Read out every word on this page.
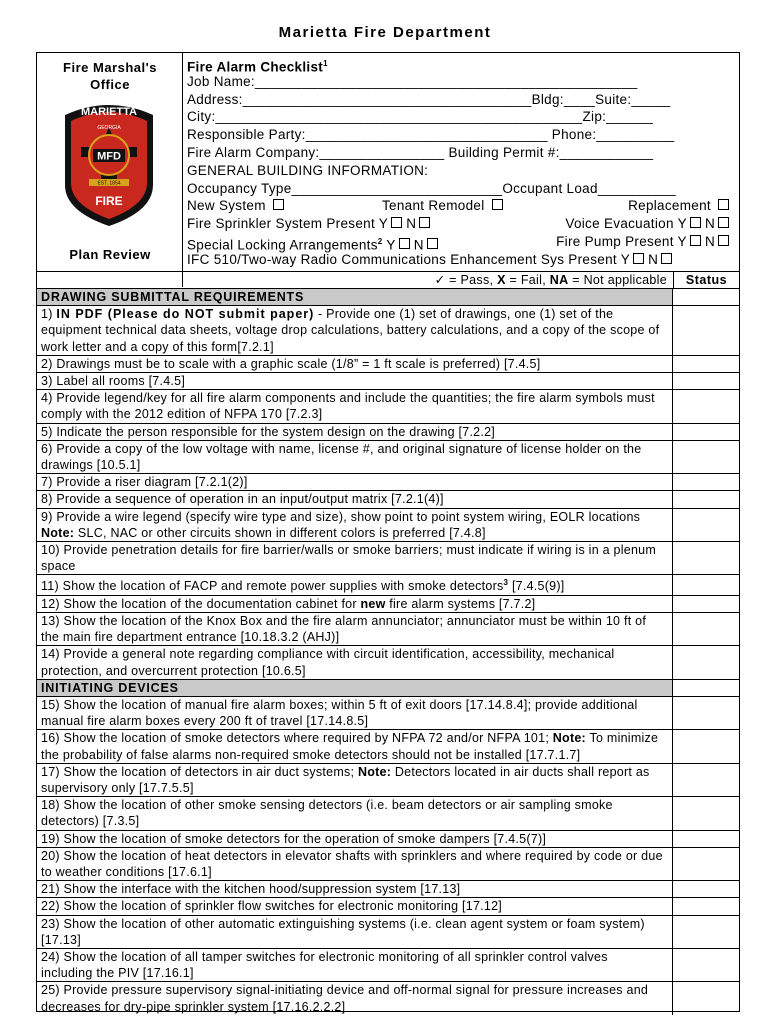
Marietta Fire Department
Fire Marshal's
Office
MFD
MARIETTA
GEORGIA
EST. 1854
FIRE
Plan Review
Fire Alarm Checklist$^1$
Job Name:_________________________________________________
Address:_____________________________________Bldg:____Suite:_____
City:_______________________________________________Zip:______
Responsible Party:_______________________________ Phone:__________
Fire Alarm Company:________________ Building Permit #:____________
GENERAL BUILDING INFORMATION:
Occupancy Type___________________________Occupant Load__________
New System	Tenant Remodel	Replacement
Fire Sprinkler System Present Y N	Voice Evacuation Y N
Special Locking Arrangements$^2$ Y N	Fire Pump Present Y N
IFC 510/Two-way Radio Communications Enhancement Sys Present Y N
✓ = Pass, X = Fail, NA = Not applicable	Status
DRAWING SUBMITTAL REQUIREMENTS
1) IN PDF (Please do NOT submit paper) - Provide one (1) set of drawings, one (1) set of the equipment technical data sheets, voltage drop calculations, battery calculations, and a copy of the scope of work letter and a copy of this form[7.2.1]
2) Drawings must be to scale with a graphic scale (1/8” = 1 ft scale is preferred) [7.4.5]
3) Label all rooms [7.4.5]
4) Provide legend/key for all fire alarm components and include the quantities; the fire alarm symbols must comply with the 2012 edition of NFPA 170 [7.2.3]
5) Indicate the person responsible for the system design on the drawing [7.2.2]
6) Provide a copy of the low voltage with name, license #, and original signature of license holder on the drawings [10.5.1]
7) Provide a riser diagram [7.2.1(2)]
8) Provide a sequence of operation in an input/output matrix [7.2.1(4)]
9) Provide a wire legend (specify wire type and size), show point to point system wiring, EOLR locations Note: SLC, NAC or other circuits shown in different colors is preferred [7.4.8]
10) Provide penetration details for fire barrier/walls or smoke barriers; must indicate if wiring is in a plenum space
11) Show the location of FACP and remote power supplies with smoke detectors$^3$ [7.4.5(9)]
12) Show the location of the documentation cabinet for new fire alarm systems [7.7.2]
13) Show the location of the Knox Box and the fire alarm annunciator; annunciator must be within 10 ft of the main fire department entrance [10.18.3.2 (AHJ)]
14) Provide a general note regarding compliance with circuit identification, accessibility, mechanical protection, and overcurrent protection [10.6.5]
INITIATING DEVICES
15) Show the location of manual fire alarm boxes; within 5 ft of exit doors [17.14.8.4]; provide additional manual fire alarm boxes every 200 ft of travel [17.14.8.5]
16) Show the location of smoke detectors where required by NFPA 72 and/or NFPA 101; Note: To minimize the probability of false alarms non-required smoke detectors should not be installed [17.7.1.7]
17) Show the location of detectors in air duct systems; Note: Detectors located in air ducts shall report as supervisory only [17.7.5.5]
18) Show the location of other smoke sensing detectors (i.e. beam detectors or air sampling smoke detectors) [7.3.5]
19) Show the location of smoke detectors for the operation of smoke dampers [7.4.5(7)]
20) Show the location of heat detectors in elevator shafts with sprinklers and where required by code or due to weather conditions [17.6.1]
21) Show the interface with the kitchen hood/suppression system [17.13]
22) Show the location of sprinkler flow switches for electronic monitoring [17.12]
23) Show the location of other automatic extinguishing systems (i.e. clean agent system or foam system) [17.13]
24) Show the location of all tamper switches for electronic monitoring of all sprinkler control valves including the PIV [17.16.1]
25) Provide pressure supervisory signal-initiating device and off-normal signal for pressure increases and decreases for dry-pipe sprinkler system [17.16.2.2.2]
